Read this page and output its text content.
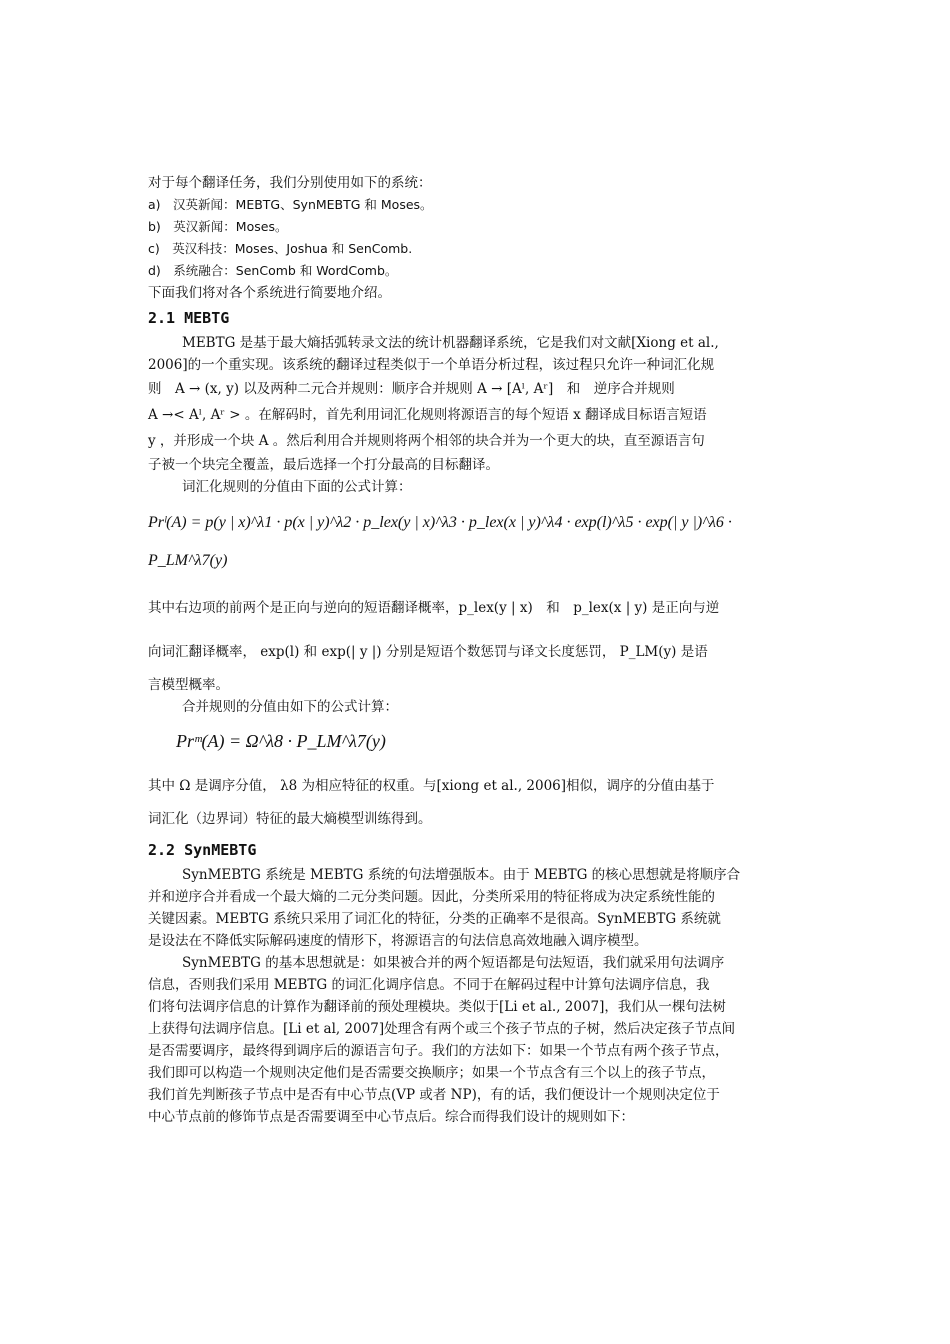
对于每个翻译任务，我们分别使用如下的系统：
a)　汉英新闻：MEBTG、SynMEBTG 和 Moses。
b)　英汉新闻：Moses。
c)　英汉科技：Moses、Joshua 和 SenComb.
d)　系统融合：SenComb 和 WordComb。
下面我们将对各个系统进行简要地介绍。
2.1 MEBTG
MEBTG 是基于最大熵括弧转录文法的统计机器翻译系统，它是我们对文献[Xiong et al.,
2006]的一个重实现。该系统的翻译过程类似于一个单语分析过程，该过程只允许一种词汇化规
则　A → (x, y) 以及两种二元合并规则：顺序合并规则 A → [Aˡ, Aʳ]　和　逆序合并规则
A →< Aˡ, Aʳ > 。在解码时，首先利用词汇化规则将源语言的每个短语 x 翻译成目标语言短语
y ，并形成一个块 A 。然后利用合并规则将两个相邻的块合并为一个更大的块，直至源语言句
子被一个块完全覆盖，最后选择一个打分最高的目标翻译。
词汇化规则的分值由下面的公式计算：
Prˡ(A) = p(y | x)^λ1 · p(x | y)^λ2 · p_lex(y | x)^λ3 · p_lex(x | y)^λ4 · exp(l)^λ5 · exp(| y |)^λ6 · P_LM^λ7(y)
其中右边项的前两个是正向与逆向的短语翻译概率，p_lex(y | x)　和　p_lex(x | y) 是正向与逆
向词汇翻译概率， exp(l) 和 exp(| y |) 分别是短语个数惩罚与译文长度惩罚， P_LM(y) 是语
言模型概率。
合并规则的分值由如下的公式计算：
Prᵐ(A) = Ω^λ8 · P_LM^λ7(y)
其中 Ω 是调序分值， λ8 为相应特征的权重。与[xiong et al., 2006]相似，调序的分值由基于
词汇化（边界词）特征的最大熵模型训练得到。
2.2 SynMEBTG
SynMEBTG 系统是 MEBTG 系统的句法增强版本。由于 MEBTG 的核心思想就是将顺序合
并和逆序合并看成一个最大熵的二元分类问题。因此，分类所采用的特征将成为决定系统性能的
关键因素。MEBTG 系统只采用了词汇化的特征，分类的正确率不是很高。SynMEBTG 系统就
是设法在不降低实际解码速度的情形下，将源语言的句法信息高效地融入调序模型。
SynMEBTG 的基本思想就是：如果被合并的两个短语都是句法短语，我们就采用句法调序
信息，否则我们采用 MEBTG 的词汇化调序信息。不同于在解码过程中计算句法调序信息，我
们将句法调序信息的计算作为翻译前的预处理模块。类似于[Li et al., 2007]，我们从一棵句法树
上获得句法调序信息。[Li et al, 2007]处理含有两个或三个孩子节点的子树，然后决定孩子节点间
是否需要调序，最终得到调序后的源语言句子。我们的方法如下：如果一个节点有两个孩子节点，
我们即可以构造一个规则决定他们是否需要交换顺序；如果一个节点含有三个以上的孩子节点，
我们首先判断孩子节点中是否有中心节点(VP 或者 NP)，有的话，我们便设计一个规则决定位于
中心节点前的修饰节点是否需要调至中心节点后。综合而得我们设计的规则如下：
